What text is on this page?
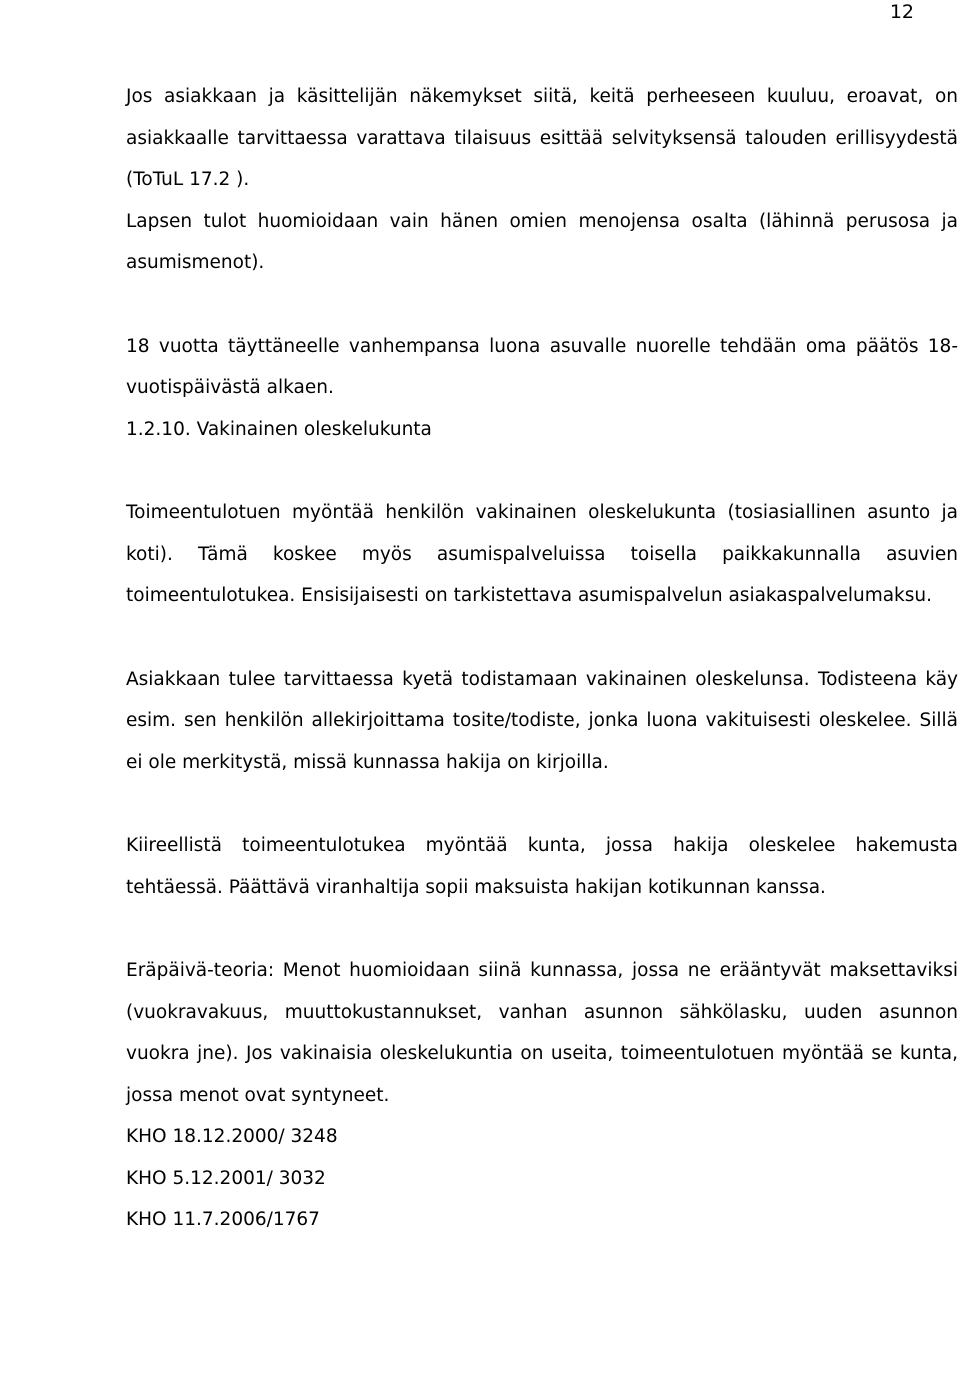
12

Jos asiakkaan ja käsittelijän näkemykset siitä, keitä perheeseen kuuluu, eroavat, on asiakkaalle tarvittaessa varattava tilaisuus esittää selvityksensä talouden erillisyydestä (ToTuL 17.2 ).

Lapsen tulot huomioidaan vain hänen omien menojensa osalta (lähinnä perusosa ja asumismenot).

18 vuotta täyttäneelle vanhempansa luona asuvalle nuorelle tehdään oma päätös 18-vuotispäivästä alkaen.

1.2.10. Vakinainen oleskelukunta

Toimeentulotuen myöntää henkilön vakinainen oleskelukunta (tosiasiallinen asunto ja koti). Tämä koskee myös asumispalveluissa toisella paikkakunnalla asuvien toimeentulotukea. Ensisijaisesti on tarkistettava asumispalvelun asiakaspalvelumaksu.

Asiakkaan tulee tarvittaessa kyetä todistamaan vakinainen oleskelunsa. Todisteena käy esim. sen henkilön allekirjoittama tosite/todiste, jonka luona vakituisesti oleskelee. Sillä ei ole merkitystä, missä kunnassa hakija on kirjoilla.

Kiireellistä toimeentulotukea myöntää kunta, jossa hakija oleskelee hakemusta tehtäessä. Päättävä viranhaltija sopii maksuista hakijan kotikunnan kanssa.

Eräpäivä-teoria: Menot huomioidaan siinä kunnassa, jossa ne erääntyvät maksettaviksi (vuokravakuus, muuttokustannukset, vanhan asunnon sähkölasku, uuden asunnon vuokra jne). Jos vakinaisia oleskelukuntia on useita, toimeentulotuen myöntää se kunta, jossa menot ovat syntyneet.

KHO 18.12.2000/ 3248

KHO 5.12.2001/ 3032

KHO 11.7.2006/1767
